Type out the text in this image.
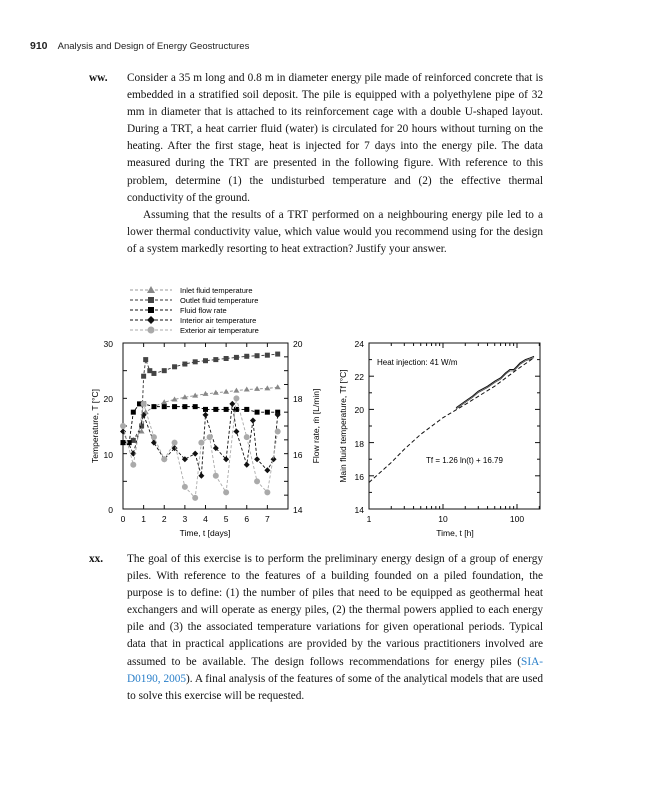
910 Analysis and Design of Energy Geostructures
ww. Consider a 35 m long and 0.8 m in diameter energy pile made of reinforced concrete that is embedded in a stratified soil deposit. The pile is equipped with a polyethylene pipe of 32 mm in diameter that is attached to its reinforcement cage with a double U-shaped layout. During a TRT, a heat carrier fluid (water) is circulated for 20 hours without turning on the heating. After the first stage, heat is injected for 7 days into the energy pile. The data measured during the TRT are presented in the following figure. With reference to this problem, determine (1) the undisturbed temperature and (2) the effective thermal conductivity of the ground.

Assuming that the results of a TRT performed on a neighbouring energy pile led to a lower thermal conductivity value, which value would you recommend using for the design of a system markedly resorting to heat extraction? Justify your answer.

Inlet fluid temperature
Outlet fluid temperature
Fluid flow rate
Interior air temperature
Exterior air temperature
30
20
10
0
20
18
16
14
0 1 2 3 4 5 6 7
Time, t [days]
Temperature, T [°C]	Flow rate, ṁ [L/min]
24
22
20
18
16
14
1	10	100
Time, t [h]
Main fluid temperature, Tf [°C]
Heat injection: 41 W/m
Tf = 1.26 ln(t) + 16.79
xx. The goal of this exercise is to perform the preliminary energy design of a group of energy piles. With reference to the features of a building founded on a piled foundation, the purpose is to define: (1) the number of piles that need to be equipped as geothermal heat exchangers and will operate as energy piles, (2) the thermal powers applied to each energy pile and (3) the associated temperature variations for given operational periods. Typical data that in practical applications are provided by the various practitioners involved are assumed to be available. The design follows recommendations for energy piles (SIA-D0190, 2005). A final analysis of the features of some of the analytical models that are used to solve this exercise will be requested.
